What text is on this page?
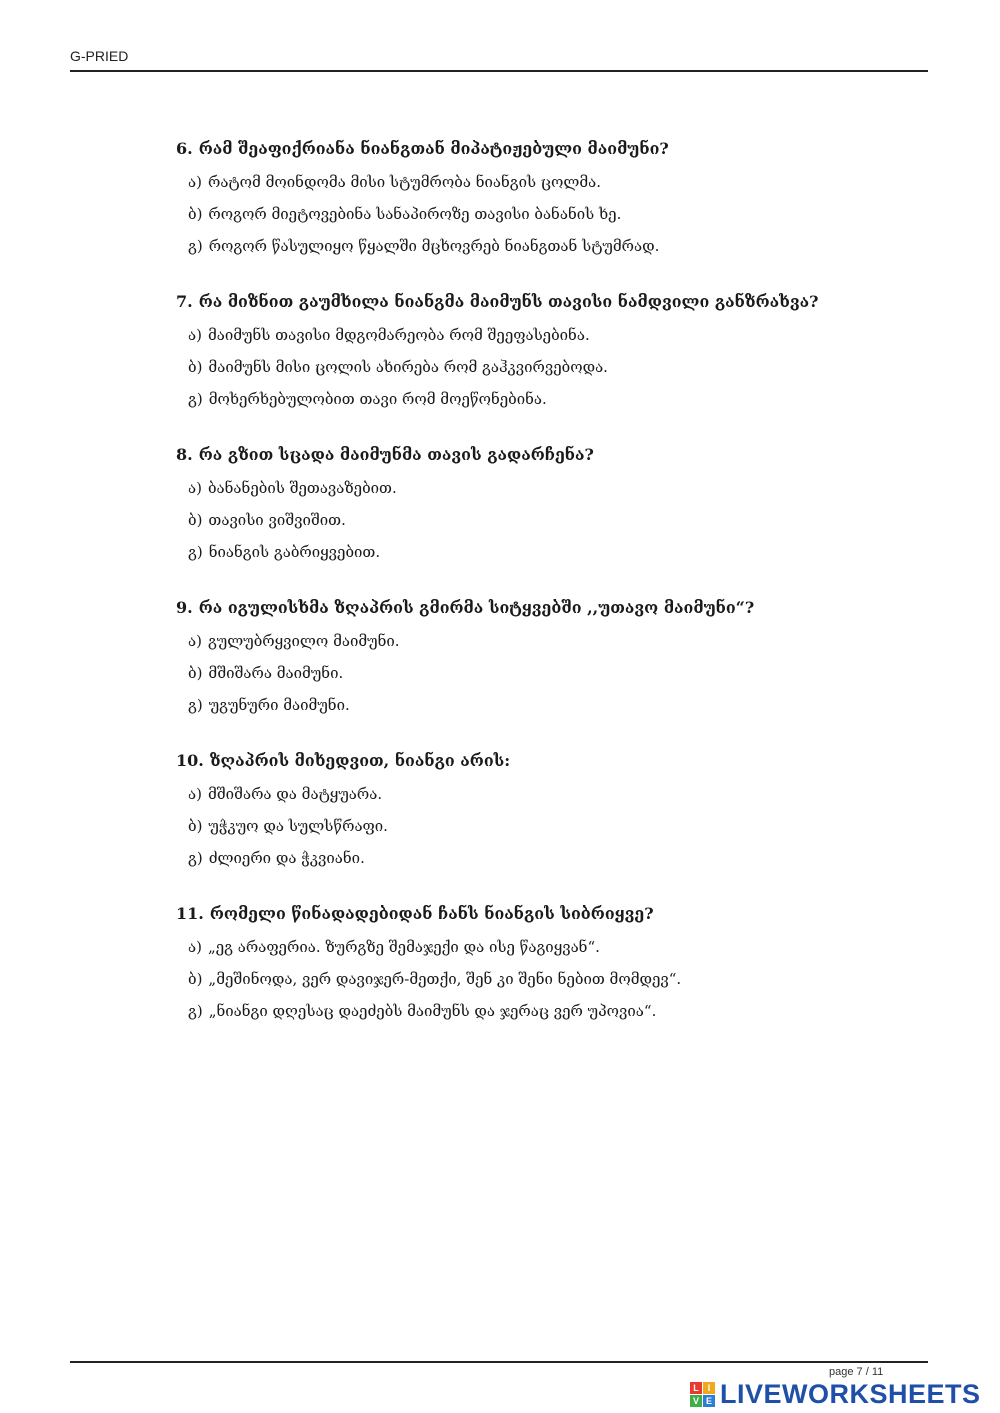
G-PRIED

6. რამ შეაფიქრიანა ნიანგთან მიპატიჟებული მაიმუნი?

ა) რატომ მოინდომა მისი სტუმრობა ნიანგის ცოლმა.

ბ) როგორ მიეტოვებინა სანაპიროზე თავისი ბანანის ხე.

გ) როგორ წასულიყო წყალში მცხოვრებ ნიანგთან სტუმრად.

7. რა მიზნით გაუმხილა ნიანგმა მაიმუნს თავისი ნამდვილი განზრახვა?

ა) მაიმუნს თავისი მდგომარეობა რომ შეეფასებინა.

ბ) მაიმუნს მისი ცოლის ახირება რომ გაჰკვირვებოდა.

გ) მოხერხებულობით თავი რომ მოეწონებინა.

8. რა გზით სცადა მაიმუნმა თავის გადარჩენა?

ა) ბანანების შეთავაზებით.

ბ) თავისი ვიშვიშით.

გ) ნიანგის გაბრიყვებით.

9. რა იგულისხმა ზღაპრის გმირმა სიტყვებში ,,უთავო მაიმუნი“?

ა) გულუბრყვილო მაიმუნი.

ბ) მშიშარა მაიმუნი.

გ) უგუნური მაიმუნი.

10. ზღაპრის მიხედვით, ნიანგი არის:

ა) მშიშარა და მატყუარა.

ბ) უჭკუო და სულსწრაფი.

გ) ძლიერი და ჭკვიანი.

11. რომელი წინადადებიდან ჩანს ნიანგის სიბრიყვე?

ა) „ეგ არაფერია. ზურგზე შემაჯექი და ისე წაგიყვან“.

ბ) „მეშინოდა, ვერ დავიჯერ-მეთქი, შენ კი შენი ნებით მომდევ“.

გ) „ნიანგი დღესაც დაეძებს მაიმუნს და ჯერაც ვერ უპოვია“.

page 7 / 11
L I
V E LIVEWORKSHEETS
